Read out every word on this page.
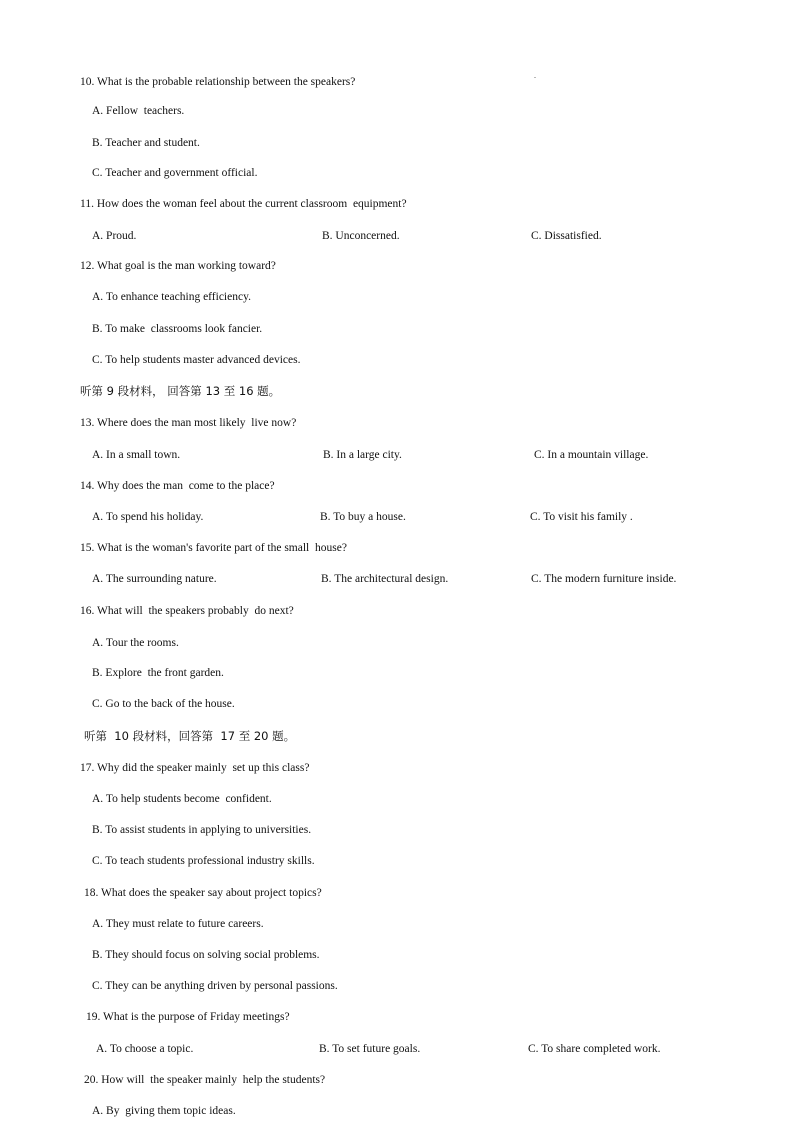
.
10. What is the probable relationship between the speakers?
A. Fellow  teachers.
B. Teacher and student.
C. Teacher and government official.
11. How does the woman feel about the current classroom  equipment?
A. Proud.	B. Unconcerned.	C. Dissatisfied.
12. What goal is the man working toward?
A. To enhance teaching efficiency.
B. To make  classrooms look fancier.
C. To help students master advanced devices.
听第 9 段材料， 回答第 13 至 16 题。
13. Where does the man most likely  live now?
A. In a small town.	B. In a large city.	C. In a mountain village.
14. Why does the man  come to the place?
A. To spend his holiday.	B. To buy a house.	C. To visit his family .
15. What is the woman's favorite part of the small  house?
A. The surrounding nature.	B. The architectural design.	C. The modern furniture inside.
16. What will  the speakers probably  do next?
A. Tour the rooms.
B. Explore  the front garden.
C. Go to the back of the house.
听第  10 段材料，回答第  17 至 20 题。
17. Why did the speaker mainly  set up this class?
A. To help students become  confident.
B. To assist students in applying to universities.
C. To teach students professional industry skills.
18. What does the speaker say about project topics?
A. They must relate to future careers.
B. They should focus on solving social problems.
C. They can be anything driven by personal passions.
19. What is the purpose of Friday meetings?
A. To choose a topic.	B. To set future goals.	C. To share completed work.
20. How will  the speaker mainly  help the students?
A. By  giving them topic ideas.
